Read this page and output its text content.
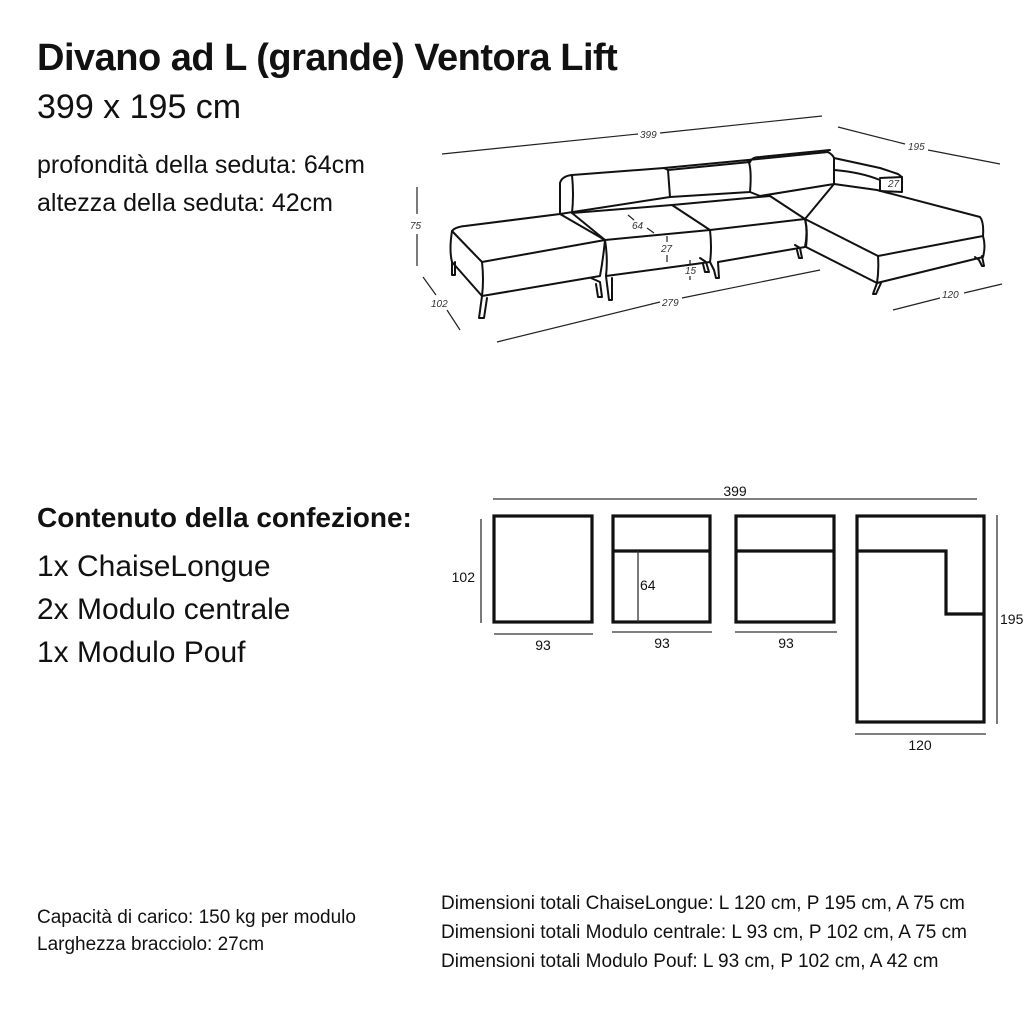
Divano ad L (grande) Ventora Lift
399 x 195 cm
profondità della seduta: 64cm
altezza della seduta: 42cm
399
195
75
102	279
120
64
27
15
27
Contenuto della confezione:
1x ChaiseLongue
2x Modulo centrale
1x Modulo Pouf
399
102
93
64
93	93
195
120
Capacità di carico: 150 kg per modulo
Larghezza bracciolo: 27cm
Dimensioni totali ChaiseLongue: L 120 cm, P 195 cm, A 75 cm
Dimensioni totali Modulo centrale: L 93 cm, P 102 cm, A 75 cm
Dimensioni totali Modulo Pouf: L 93 cm, P 102 cm, A 42 cm
